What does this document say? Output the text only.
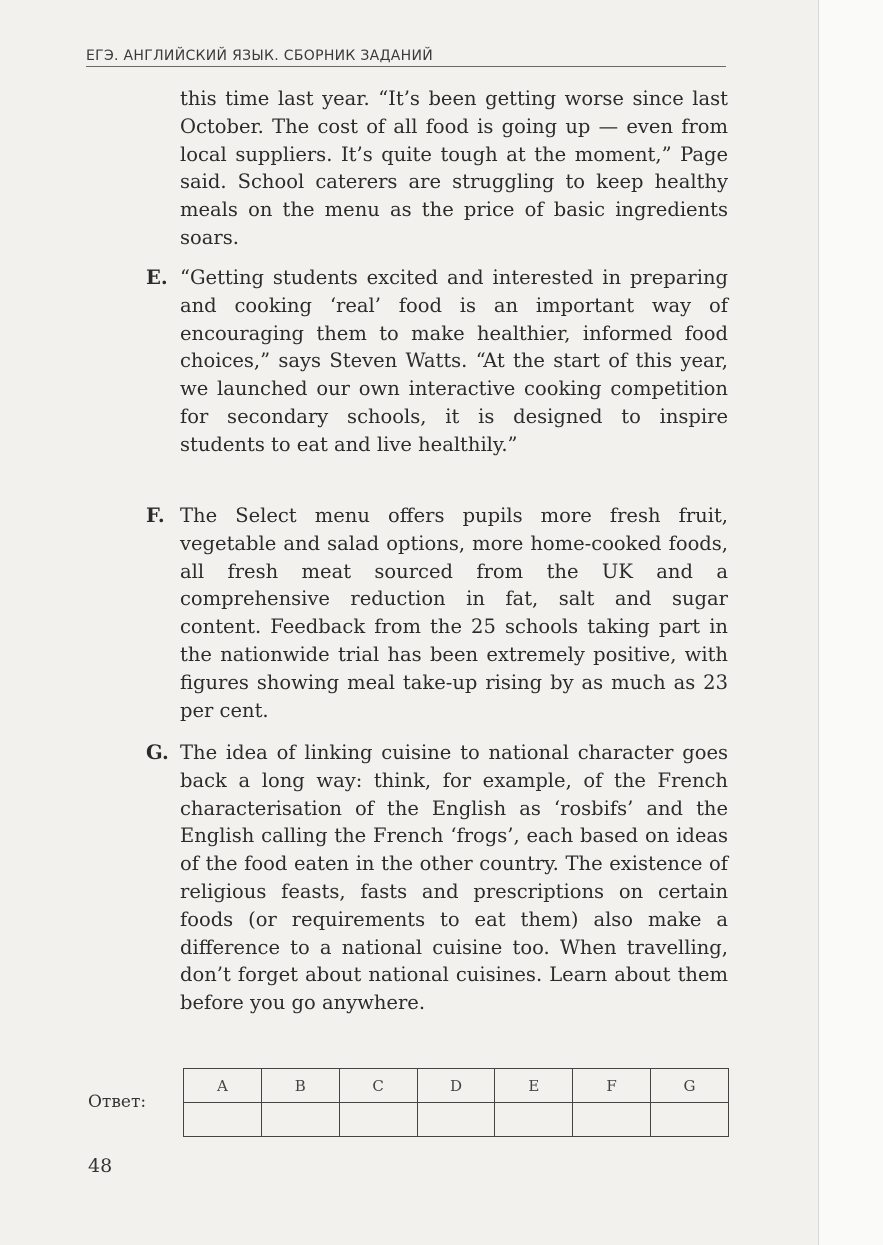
ЕГЭ. АНГЛИЙСКИЙ ЯЗЫК. СБОРНИК ЗАДАНИЙ
this time last year. “It’s been getting worse since last October. The cost of all food is going up — even from local suppliers. It’s quite tough at the moment,” Page said. School caterers are struggling to keep healthy meals on the menu as the price of basic ingredients soars.
E. “Getting students excited and interested in preparing and cooking ‘real’ food is an important way of encouraging them to make healthier, informed food choices,” says Steven Watts. “At the start of this year, we launched our own interactive cooking competition for secondary schools, it is designed to inspire students to eat and live healthily.”
F. The Select menu offers pupils more fresh fruit, vegetable and salad options, more home-cooked foods, all fresh meat sourced from the UK and a comprehensive reduction in fat, salt and sugar content. Feedback from the 25 schools taking part in the nationwide trial has been extremely positive, with figures showing meal take-up rising by as much as 23 per cent.
G. The idea of linking cuisine to national character goes back a long way: think, for example, of the French characterisation of the English as ‘rosbifs’ and the English calling the French ‘frogs’, each based on ideas of the food eaten in the other country. The existence of religious feasts, fasts and prescriptions on certain foods (or requirements to eat them) also make a difference to a national cuisine too. When travelling, don’t forget about national cuisines. Learn about them before you go anywhere.
Ответ:
A	B	C	D	E	F	G

48
